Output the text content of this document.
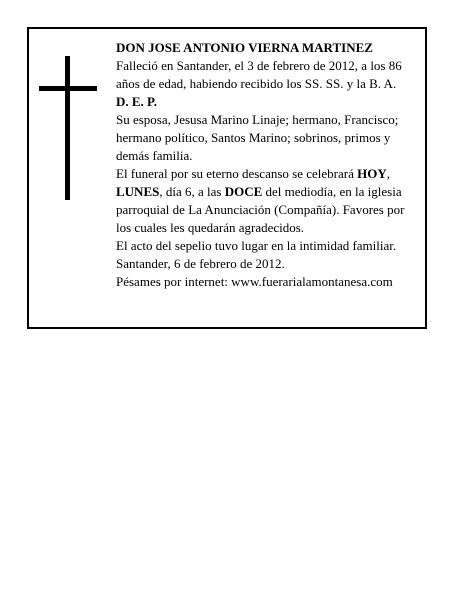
DON JOSE ANTONIO VIERNA MARTINEZ

Falleció en Santander, el 3 de febrero de 2012, a los 86 años de edad, habiendo recibido los SS. SS. y la B. A.

D. E. P.

Su esposa, Jesusa Marino Linaje; hermano, Francisco; hermano político, Santos Marino; sobrinos, primos y demás familia.

El funeral por su eterno descanso se celebrará HOY, LUNES, día 6, a las DOCE del mediodía, en la iglesia parroquial de La Anunciación (Compañía). Favores por los cuales les quedarán agradecidos.

El acto del sepelio tuvo lugar en la intimidad familiar.

Santander, 6 de febrero de 2012.

Pésames por internet: www.fuerarialamontanesa.com
